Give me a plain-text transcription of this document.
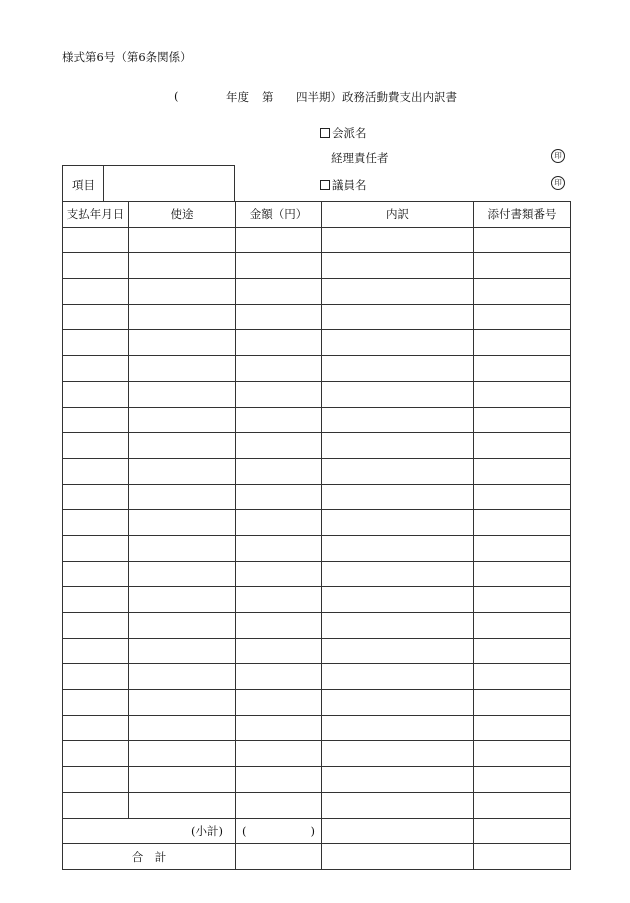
様式第6号（第6条関係）
(	年度 第 四半期）政務活動費支出内訳書
会派名
経理責任者
議員名
印
印
項目
支払年月日	使途	金額（円）	内訳	添付書類番号

(小計)		( )		

合　計				
